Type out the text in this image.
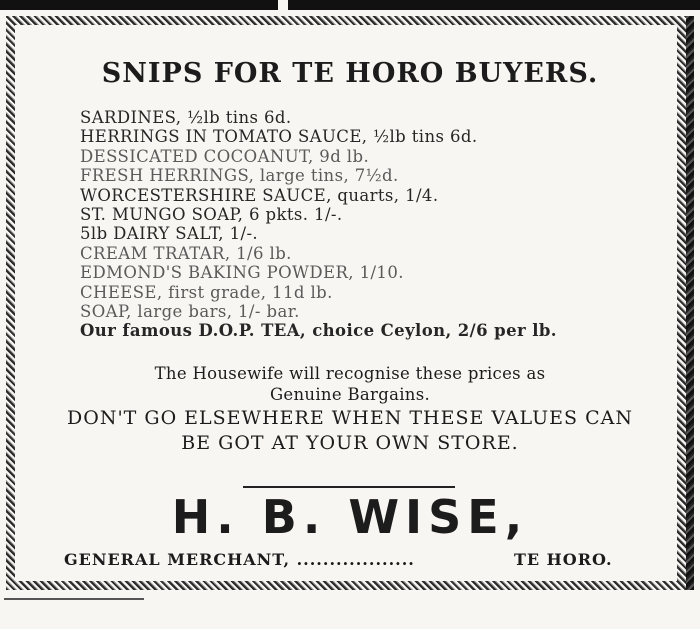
SNIPS FOR TE HORO BUYERS.
SARDINES, ½lb tins 6d.
HERRINGS IN TOMATO SAUCE, ½lb tins 6d.
DESSICATED COCOANUT, 9d lb.
FRESH HERRINGS, large tins, 7½d.
WORCESTERSHIRE SAUCE, quarts, 1/4.
ST. MUNGO SOAP, 6 pkts. 1/-.
5lb DAIRY SALT, 1/-.
CREAM TRATAR, 1/6 lb.
EDMOND'S BAKING POWDER, 1/10.
CHEESE, first grade, 11d lb.
SOAP, large bars, 1/- bar.
Our famous D.O.P. TEA, choice Ceylon, 2/6 per lb.
The Housewife will recognise these prices as
Genuine Bargains.
DON'T GO ELSEWHERE WHEN THESE VALUES CAN
BE GOT AT YOUR OWN STORE.
H. B. WISE,
GENERAL MERCHANT, ..................	TE HORO.
